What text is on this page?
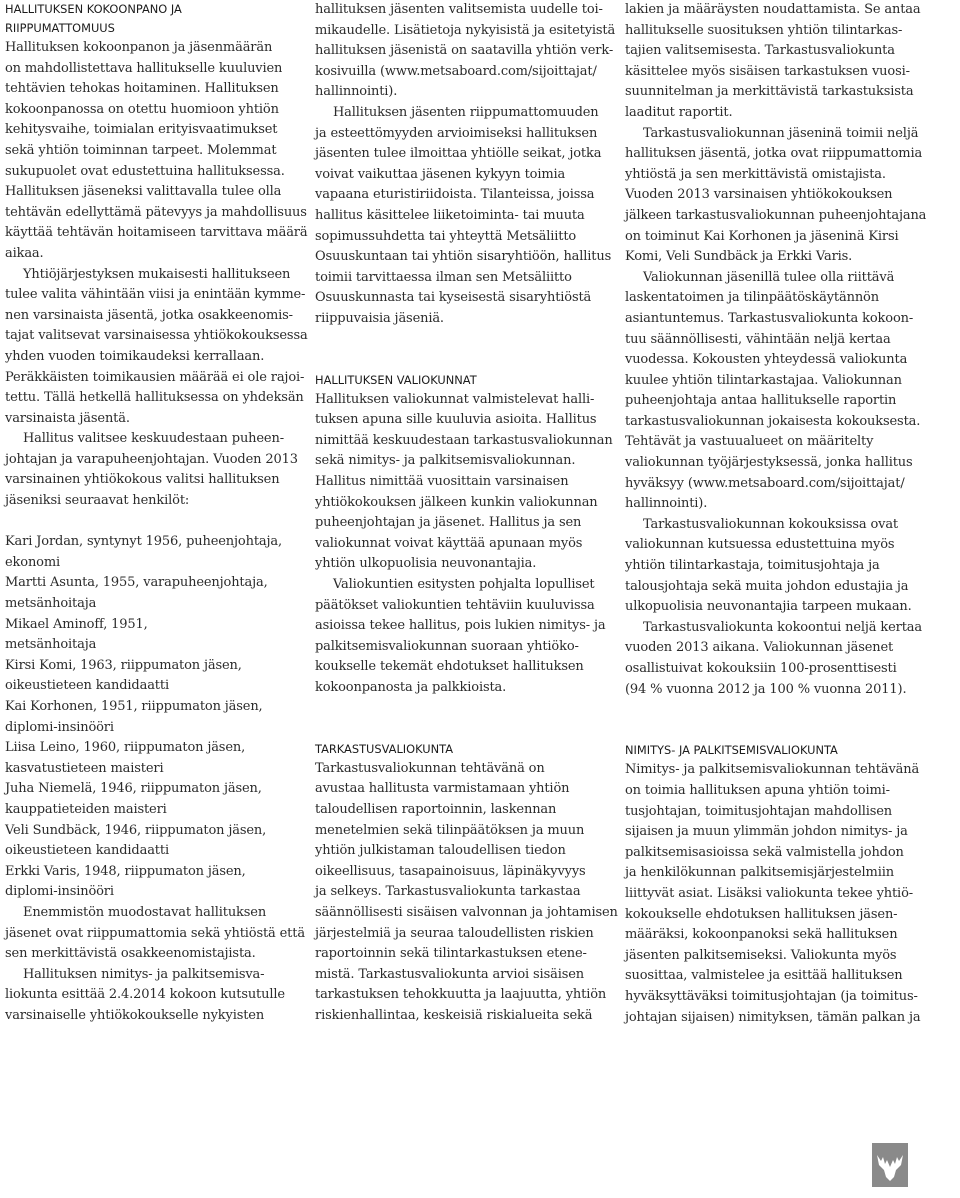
HALLITUKSEN KOKOONPANO JA
RIIPPUMATTOMUUS
Hallituksen kokoonpanon ja jäsenmäärän
on mahdollistettava hallitukselle kuuluvien
tehtävien tehokas hoitaminen. Hallituksen
kokoonpanossa on otettu huomioon yhtiön
kehitysvaihe, toimialan erityisvaatimukset
sekä yhtiön toiminnan tarpeet. Molemmat
sukupuolet ovat edustettuina hallituksessa.
Hallituksen jäseneksi valittavalla tulee olla
tehtävän edellyttämä pätevyys ja mahdollisuus
käyttää tehtävän hoitamiseen tarvittava määrä
aikaa.
Yhtiöjärjestyksen mukaisesti hallitukseen
tulee valita vähintään viisi ja enintään kymme-
nen varsinaista jäsentä, jotka osakkeenomis-
tajat valitsevat varsinaisessa yhtiökokouksessa
yhden vuoden toimikaudeksi kerrallaan.
Peräkkäisten toimikausien määrää ei ole rajoi-
tettu. Tällä hetkellä hallituksessa on yhdeksän
varsinaista jäsentä.
Hallitus valitsee keskuudestaan puheen-
johtajan ja varapuheenjohtajan. Vuoden 2013
varsinainen yhtiökokous valitsi hallituksen
jäseniksi seuraavat henkilöt:
Kari Jordan, syntynyt 1956, puheenjohtaja,
ekonomi
Martti Asunta, 1955, varapuheenjohtaja,
metsänhoitaja
Mikael Aminoff, 1951,
metsänhoitaja
Kirsi Komi, 1963, riippumaton jäsen,
oikeustieteen kandidaatti
Kai Korhonen, 1951, riippumaton jäsen,
diplomi-insinööri
Liisa Leino, 1960, riippumaton jäsen,
kasvatustieteen maisteri
Juha Niemelä, 1946, riippumaton jäsen,
kauppatieteiden maisteri
Veli Sundbäck, 1946, riippumaton jäsen,
oikeustieteen kandidaatti
Erkki Varis, 1948, riippumaton jäsen,
diplomi-insinööri
Enemmistön muodostavat hallituksen
jäsenet ovat riippumattomia sekä yhtiöstä että
sen merkittävistä osakkeenomistajista.
Hallituksen nimitys- ja palkitsemisva-
liokunta esittää 2.4.2014 kokoon kutsutulle
varsinaiselle yhtiökokoukselle nykyisten
hallituksen jäsenten valitsemista uudelle toi-
mikaudelle. Lisätietoja nykyisistä ja esitetyistä
hallituksen jäsenistä on saatavilla yhtiön verk-
kosivuilla (www.metsaboard.com/sijoittajat/
hallinnointi).
Hallituksen jäsenten riippumattomuuden
ja esteettömyyden arvioimiseksi hallituksen
jäsenten tulee ilmoittaa yhtiölle seikat, jotka
voivat vaikuttaa jäsenen kykyyn toimia
vapaana eturistiriidoista. Tilanteissa, joissa
hallitus käsittelee liiketoiminta- tai muuta
sopimussuhdetta tai yhteyttä Metsäliitto
Osuuskuntaan tai yhtiön sisaryhtiöön, hallitus
toimii tarvittaessa ilman sen Metsäliitto
Osuuskunnasta tai kyseisestä sisaryhtiöstä
riippuvaisia jäseniä.
HALLITUKSEN VALIOKUNNAT
Hallituksen valiokunnat valmistelevat halli-
tuksen apuna sille kuuluvia asioita. Hallitus
nimittää keskuudestaan tarkastusvaliokunnan
sekä nimitys- ja palkitsemisvaliokunnan.
Hallitus nimittää vuosittain varsinaisen
yhtiökokouksen jälkeen kunkin valiokunnan
puheenjohtajan ja jäsenet. Hallitus ja sen
valiokunnat voivat käyttää apunaan myös
yhtiön ulkopuolisia neuvonantajia.
Valiokuntien esitysten pohjalta lopulliset
päätökset valiokuntien tehtäviin kuuluvissa
asioissa tekee hallitus, pois lukien nimitys- ja
palkitsemisvaliokunnan suoraan yhtiöko-
koukselle tekemät ehdotukset hallituksen
kokoonpanosta ja palkkioista.
TARKASTUSVALIOKUNTA
Tarkastusvaliokunnan tehtävänä on
avustaa hallitusta varmistamaan yhtiön
taloudellisen raportoinnin, laskennan
menetelmien sekä tilinpäätöksen ja muun
yhtiön julkistaman taloudellisen tiedon
oikeellisuus, tasapainoisuus, läpinäkyvyys
ja selkeys. Tarkastusvaliokunta tarkastaa
säännöllisesti sisäisen valvonnan ja johtamisen
järjestelmiä ja seuraa taloudellisten riskien
raportoinnin sekä tilintarkastuksen etene-
mistä. Tarkastusvaliokunta arvioi sisäisen
tarkastuksen tehokkuutta ja laajuutta, yhtiön
riskienhallintaa, keskeisiä riskialueita sekä
lakien ja määräysten noudattamista. Se antaa
hallitukselle suosituksen yhtiön tilintarkas-
tajien valitsemisesta. Tarkastusvaliokunta
käsittelee myös sisäisen tarkastuksen vuosi-
suunnitelman ja merkittävistä tarkastuksista
laaditut raportit.
Tarkastusvaliokunnan jäseninä toimii neljä
hallituksen jäsentä, jotka ovat riippumattomia
yhtiöstä ja sen merkittävistä omistajista.
Vuoden 2013 varsinaisen yhtiökokouksen
jälkeen tarkastusvaliokunnan puheenjohtajana
on toiminut Kai Korhonen ja jäseninä Kirsi
Komi, Veli Sundbäck ja Erkki Varis.
Valiokunnan jäsenillä tulee olla riittävä
laskentatoimen ja tilinpäätöskäytännön
asiantuntemus. Tarkastusvaliokunta kokoon-
tuu säännöllisesti, vähintään neljä kertaa
vuodessa. Kokousten yhteydessä valiokunta
kuulee yhtiön tilintarkastajaa. Valiokunnan
puheenjohtaja antaa hallitukselle raportin
tarkastusvaliokunnan jokaisesta kokouksesta.
Tehtävät ja vastuualueet on määritelty
valiokunnan työjärjestyksessä, jonka hallitus
hyväksyy (www.metsaboard.com/sijoittajat/
hallinnointi).
Tarkastusvaliokunnan kokouksissa ovat
valiokunnan kutsuessa edustettuina myös
yhtiön tilintarkastaja, toimitusjohtaja ja
talousjohtaja sekä muita johdon edustajia ja
ulkopuolisia neuvonantajia tarpeen mukaan.
Tarkastusvaliokunta kokoontui neljä kertaa
vuoden 2013 aikana. Valiokunnan jäsenet
osallistuivat kokouksiin 100-prosenttisesti
(94 % vuonna 2012 ja 100 % vuonna 2011).
NIMITYS- JA PALKITSEMISVALIOKUNTA
Nimitys- ja palkitsemisvaliokunnan tehtävänä
on toimia hallituksen apuna yhtiön toimi-
tusjohtajan, toimitusjohtajan mahdollisen
sijaisen ja muun ylimmän johdon nimitys- ja
palkitsemisasioissa sekä valmistella johdon
ja henkilökunnan palkitsemisjärjestelmiin
liittyvät asiat. Lisäksi valiokunta tekee yhtiö-
kokoukselle ehdotuksen hallituksen jäsen-
määräksi, kokoonpanoksi sekä hallituksen
jäsenten palkitsemiseksi. Valiokunta myös
suosittaa, valmistelee ja esittää hallituksen
hyväksyttäväksi toimitusjohtajan (ja toimitus-
johtajan sijaisen) nimityksen, tämän palkan ja
